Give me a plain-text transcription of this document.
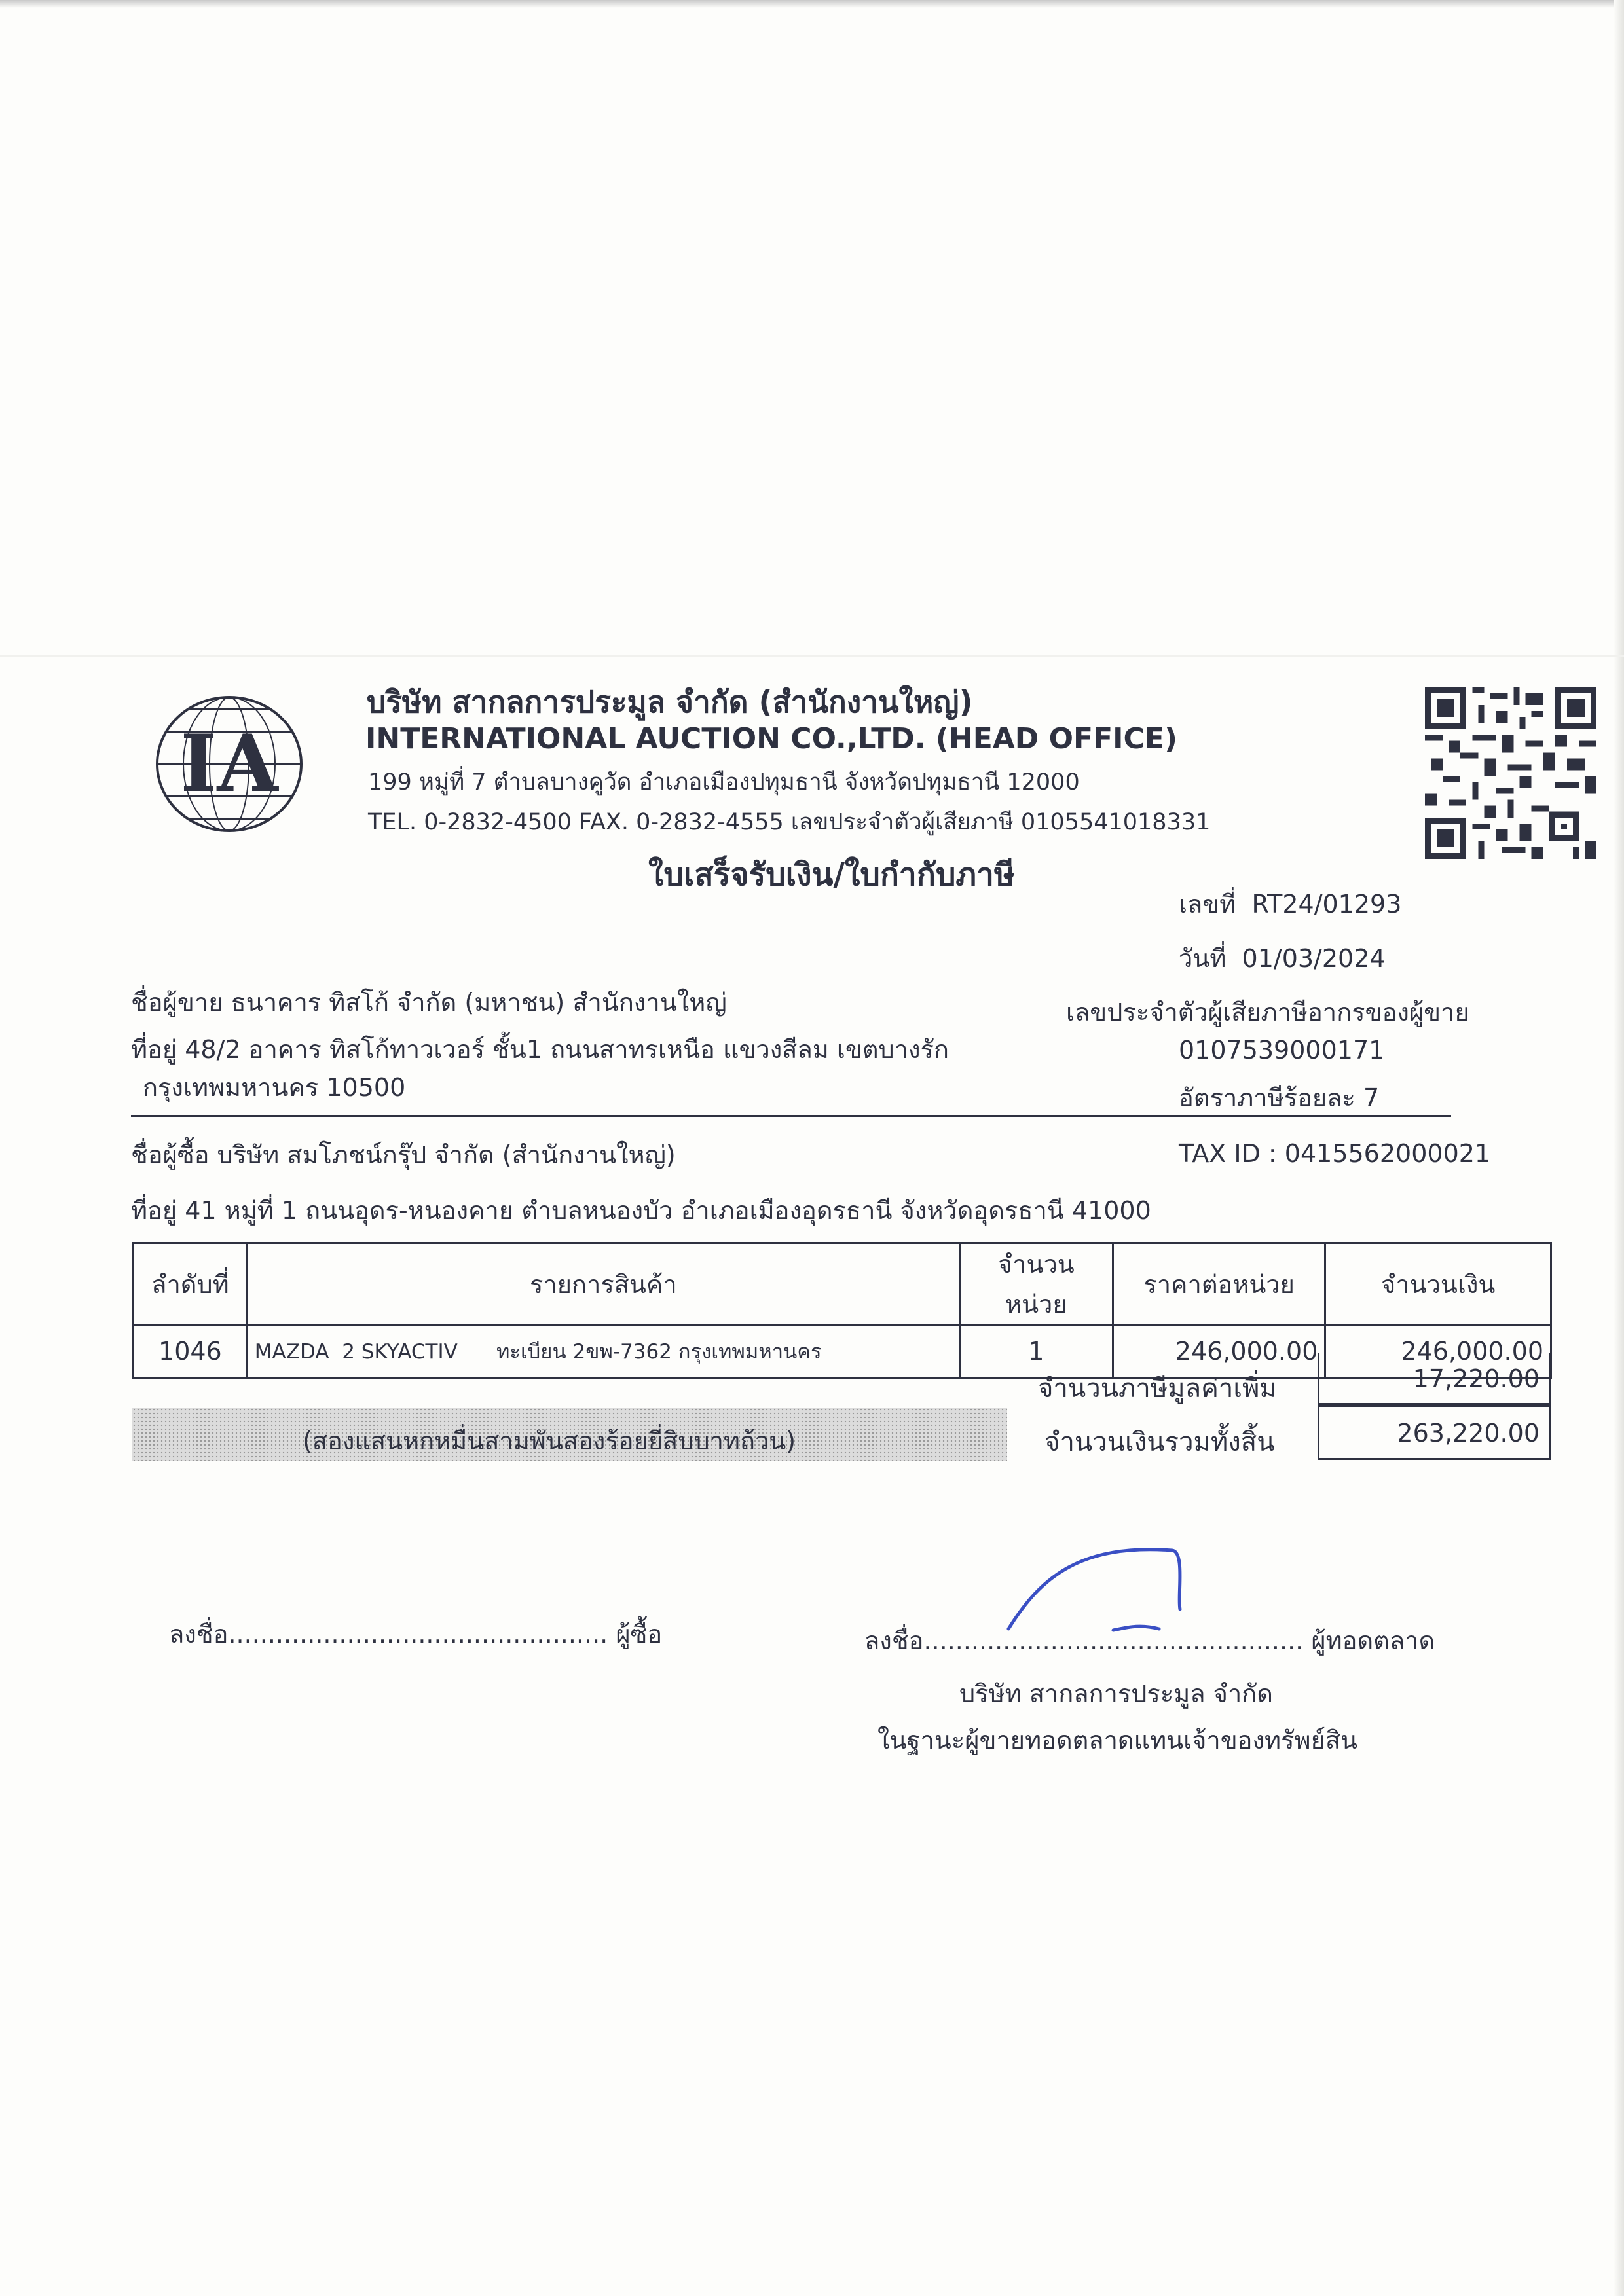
IA
บริษัท สากลการประมูล จำกัด (สำนักงานใหญ่)
INTERNATIONAL AUCTION CO.,LTD. (HEAD OFFICE)
199 หมู่ที่ 7 ตำบลบางคูวัด อำเภอเมืองปทุมธานี จังหวัดปทุมธานี 12000
TEL. 0-2832-4500 FAX. 0-2832-4555 เลขประจำตัวผู้เสียภาษี 0105541018331
ใบเสร็จรับเงิน/ใบกำกับภาษี
เลขที่ RT24/01293
วันที่ 01/03/2024
ชื่อผู้ขาย ธนาคาร ทิสโก้ จำกัด (มหาชน) สำนักงานใหญ่
ที่อยู่ 48/2 อาคาร ทิสโก้ทาวเวอร์ ชั้น1 ถนนสาทรเหนือ แขวงสีลม เขตบางรัก
กรุงเทพมหานคร 10500
เลขประจำตัวผู้เสียภาษีอากรของผู้ขาย
0107539000171
อัตราภาษีร้อยละ 7
ชื่อผู้ซื้อ บริษัท สมโภชน์กรุ๊ป จำกัด (สำนักงานใหญ่)	TAX ID : 0415562000021
ที่อยู่ 41 หมู่ที่ 1 ถนนอุดร-หนองคาย ตำบลหนองบัว อำเภอเมืองอุดรธานี จังหวัดอุดรธานี 41000
ลำดับที่	รายการสินค้า	จำนวนหน่วย	ราคาต่อหน่วย	จำนวนเงิน
1046	MAZDA  2 SKYACTIV      ทะเบียน 2ขพ-7362 กรุงเทพมหานคร	1	246,000.00	246,000.00
จำนวนภาษีมูลค่าเพิ่ม	17,220.00
จำนวนเงินรวมทั้งสิ้น	263,220.00
(สองแสนหกหมื่นสามพันสองร้อยยี่สิบบาทถ้วน)
ลงชื่อ................................................ ผู้ซื้อ	ลงชื่อ................................................ ผู้ทอดตลาด
บริษัท สากลการประมูล จำกัด
ในฐานะผู้ขายทอดตลาดแทนเจ้าของทรัพย์สิน
